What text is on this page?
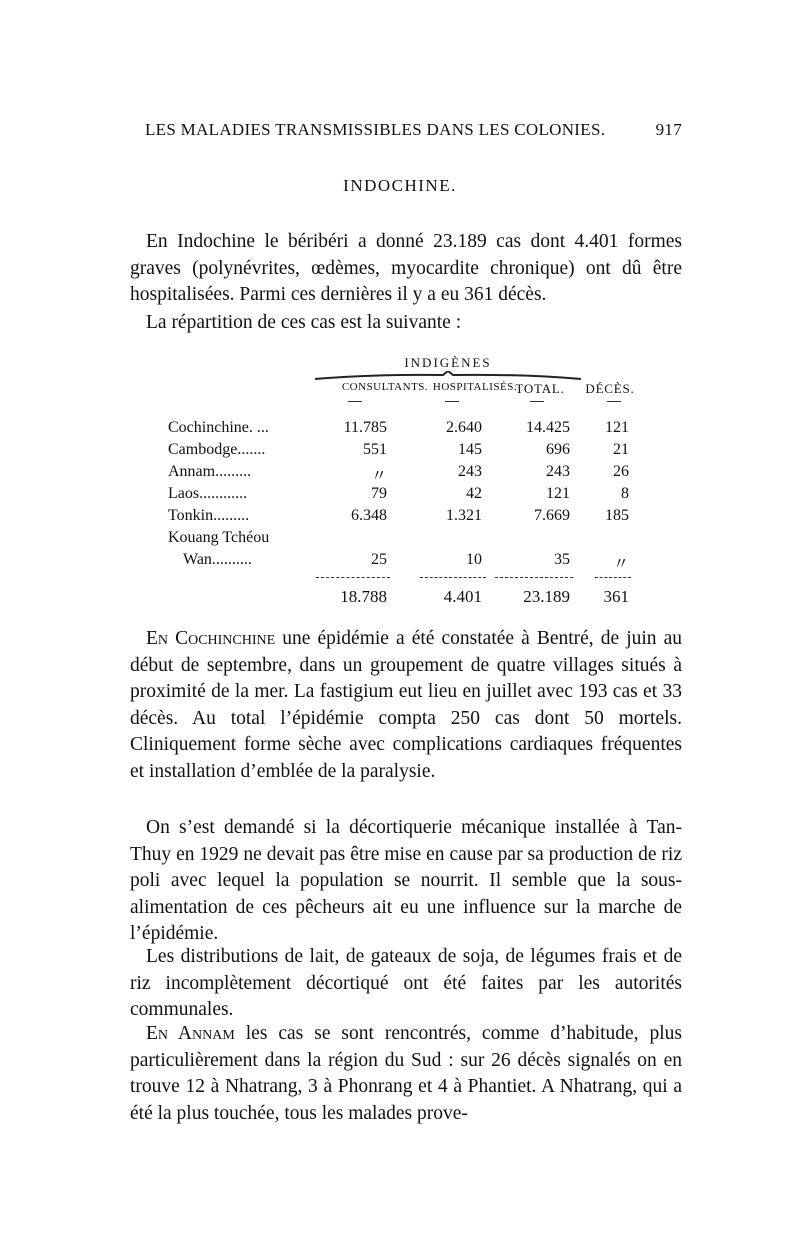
LES MALADIES TRANSMISSIBLES DANS LES COLONIES.	917
INDOCHINE.

En Indochine le béribéri a donné 23.189 cas dont 4.401 formes graves (polynévrites, œdèmes, myocardite chronique) ont dû être hospitalisées. Parmi ces dernières il y a eu 361 décès.

La répartition de ces cas est la suivante :

INDIGÈNES
CONSULTANTS. HOSPITALISÉS.
TOTAL. DÉCÈS.
Cochinchine. ...	11.785	2.640	14.425 121
Cambodge.......	551	145	696	21
Annam.........	〃	243	243	26
Laos............	79	42	121	8
Tonkin.........	6.348	1.321	7.669 185
Kouang Tchéou
Wan..........	25	10	35	〃
18.788	4.401 23.189 361

En Cochinchine une épidémie a été constatée à Bentré, de juin au début de septembre, dans un groupement de quatre villages situés à proximité de la mer. La fastigium eut lieu en juillet avec 193 cas et 33 décès. Au total l’épidémie compta 250 cas dont 50 mortels. Cliniquement forme sèche avec complications cardiaques fréquentes et installation d’emblée de la paralysie.

On s’est demandé si la décortiquerie mécanique installée à Tan-Thuy en 1929 ne devait pas être mise en cause par sa production de riz poli avec lequel la population se nourrit. Il semble que la sous-alimentation de ces pêcheurs ait eu une influence sur la marche de l’épidémie.

Les distributions de lait, de gateaux de soja, de légumes frais et de riz incomplètement décortiqué ont été faites par les autorités communales.

En Annam les cas se sont rencontrés, comme d’habitude, plus particulièrement dans la région du Sud : sur 26 décès signalés on en trouve 12 à Nhatrang, 3 à Phonrang et 4 à Phantiet. A Nhatrang, qui a été la plus touchée, tous les malades prove-
